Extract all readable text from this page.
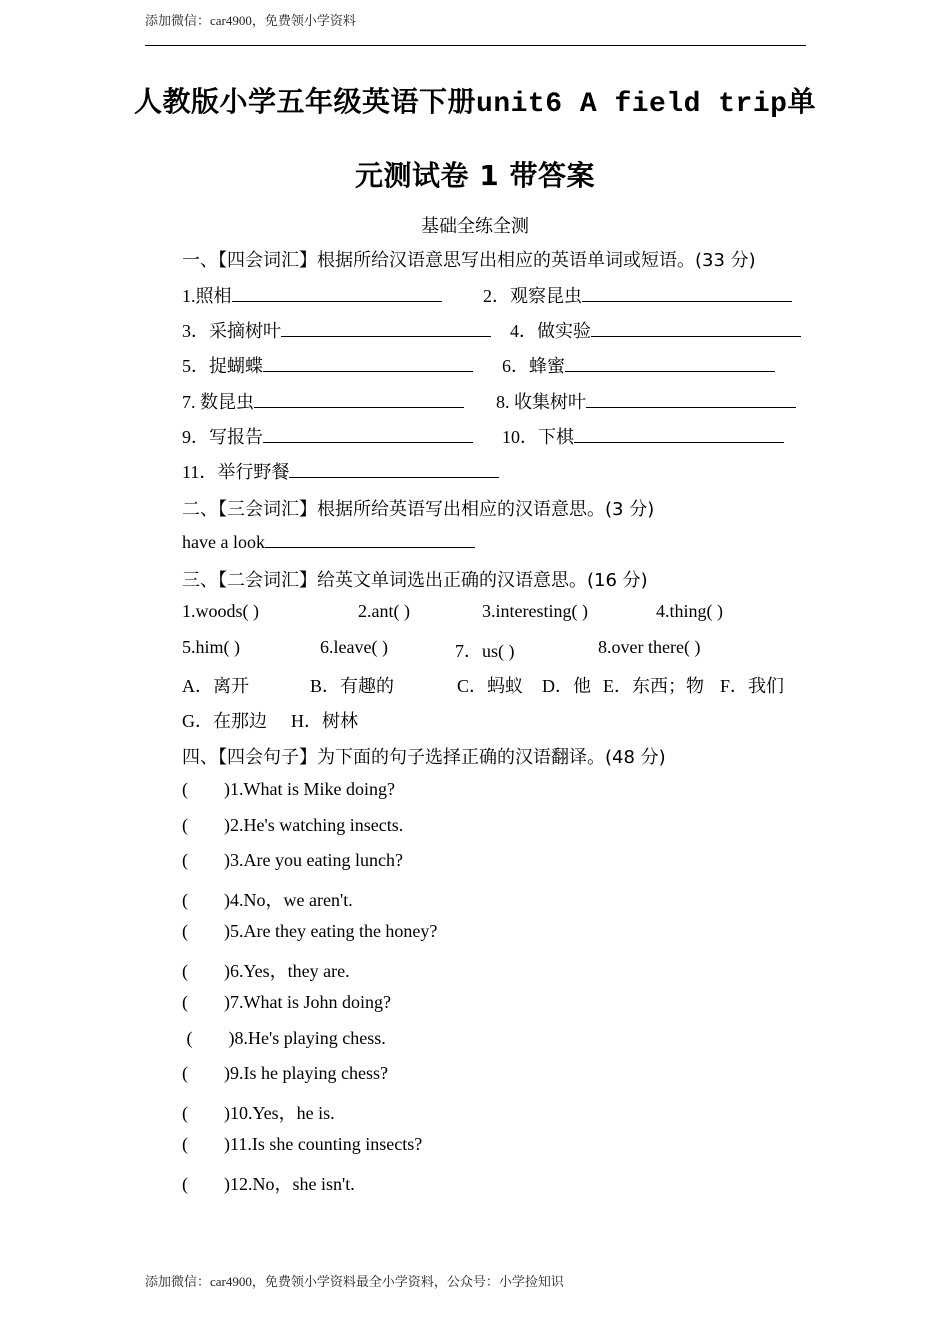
添加微信：car4900，免费领小学资料
人教版小学五年级英语下册unit6 A field trip单
元测试卷 1 带答案
基础全练全测
一、【四会词汇】根据所给汉语意思写出相应的英语单词或短语。(33 分)
1.照相	2．观察昆虫
3．采摘树叶	4．做实验
5．捉蝴蝶	6．蜂蜜
7. 数昆虫	8. 收集树叶
9．写报告	10．下棋
11．举行野餐
二、【三会词汇】根据所给英语写出相应的汉语意思。(3 分)
have a look
三、【二会词汇】给英文单词选出正确的汉语意思。(16 分)
1.woods( )	2.ant( )	3.interesting( )	4.thing( )
5.him( )	6.leave( )	7．us( )	8.over there( )
A．离开	B．有趣的	C．蚂蚁 D．他 E．东西；物 F．我们
G．在那边 H．树林
四、【四会句子】为下面的句子选择正确的汉语翻译。(48 分)
(        )1.What is Mike doing?
(        )2.He's watching insects.
(        )3.Are you eating lunch?
(        )4.No，we aren't.
(        )5.Are they eating the honey?
(        )6.Yes，they are.
(        )7.What is John doing?
(        )8.He's playing chess.
(        )9.Is he playing chess?
(        )10.Yes，he is.
(        )11.Is she counting insects?
(        )12.No，she isn't.
添加微信：car4900，免费领小学资料最全小学资料，公众号：小学捡知识
